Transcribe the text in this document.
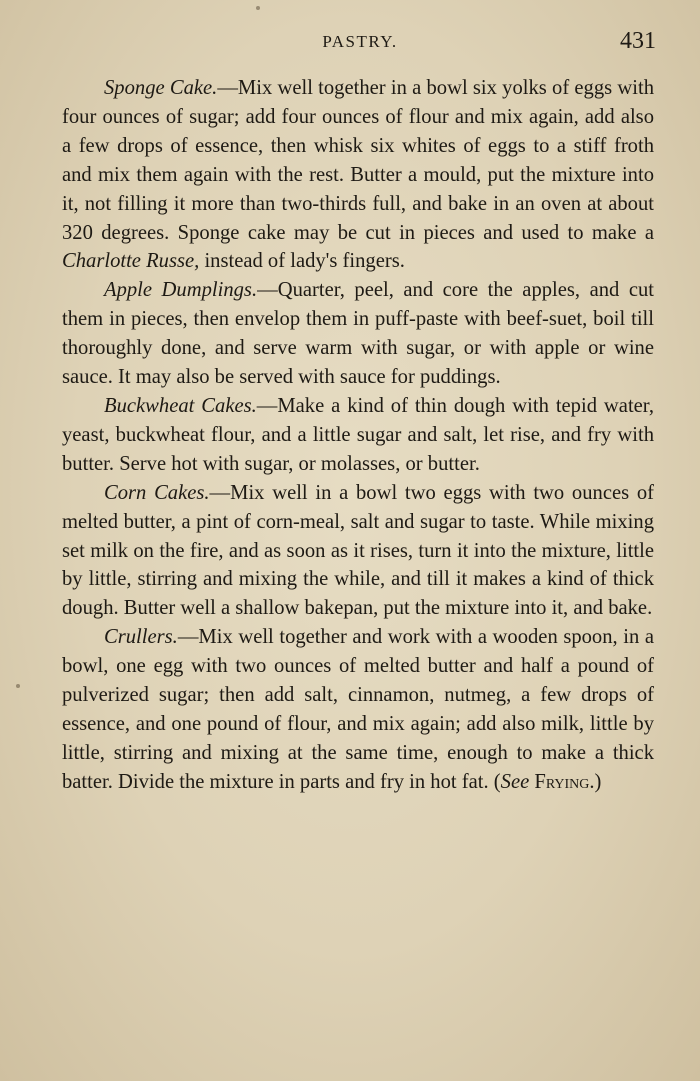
PASTRY.	431

Sponge Cake.—Mix well together in a bowl six yolks of eggs with four ounces of sugar; add four ounces of flour and mix again, add also a few drops of essence, then whisk six whites of eggs to a stiff froth and mix them again with the rest. Butter a mould, put the mixture into it, not filling it more than two-thirds full, and bake in an oven at about 320 degrees. Sponge cake may be cut in pieces and used to make a Charlotte Russe, instead of lady's fingers.

Apple Dumplings.—Quarter, peel, and core the apples, and cut them in pieces, then envelop them in puff-paste with beef-suet, boil till thoroughly done, and serve warm with sugar, or with apple or wine sauce. It may also be served with sauce for puddings.

Buckwheat Cakes.—Make a kind of thin dough with tepid water, yeast, buckwheat flour, and a little sugar and salt, let rise, and fry with butter. Serve hot with sugar, or molasses, or butter.

Corn Cakes.—Mix well in a bowl two eggs with two ounces of melted butter, a pint of corn-meal, salt and sugar to taste. While mixing set milk on the fire, and as soon as it rises, turn it into the mixture, little by little, stirring and mixing the while, and till it makes a kind of thick dough. Butter well a shallow bakepan, put the mixture into it, and bake.

Crullers.—Mix well together and work with a wooden spoon, in a bowl, one egg with two ounces of melted butter and half a pound of pulverized sugar; then add salt, cinnamon, nutmeg, a few drops of essence, and one pound of flour, and mix again; add also milk, little by little, stirring and mixing at the same time, enough to make a thick batter. Divide the mixture in parts and fry in hot fat. (See Frying.)
